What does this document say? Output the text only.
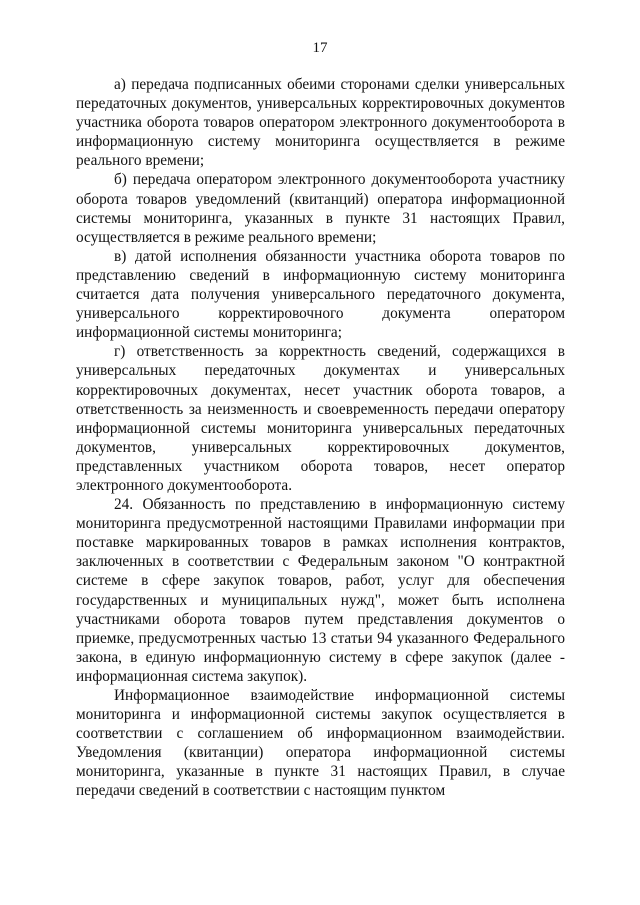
17

а) передача подписанных обеими сторонами сделки универсальных передаточных документов, универсальных корректировочных документов участника оборота товаров оператором электронного документооборота в информационную систему мониторинга осуществляется в режиме реального времени;

б) передача оператором электронного документооборота участнику оборота товаров уведомлений (квитанций) оператора информационной системы мониторинга, указанных в пункте 31 настоящих Правил, осуществляется в режиме реального времени;

в) датой исполнения обязанности участника оборота товаров по представлению сведений в информационную систему мониторинга считается дата получения универсального передаточного документа, универсального корректировочного документа оператором информационной системы мониторинга;

г) ответственность за корректность сведений, содержащихся в универсальных передаточных документах и универсальных корректировочных документах, несет участник оборота товаров, а ответственность за неизменность и своевременность передачи оператору информационной системы мониторинга универсальных передаточных документов, универсальных корректировочных документов, представленных участником оборота товаров, несет оператор электронного документооборота.

24. Обязанность по представлению в информационную систему мониторинга предусмотренной настоящими Правилами информации при поставке маркированных товаров в рамках исполнения контрактов, заключенных в соответствии с Федеральным законом "О контрактной системе в сфере закупок товаров, работ, услуг для обеспечения государственных и муниципальных нужд", может быть исполнена участниками оборота товаров путем представления документов о приемке, предусмотренных частью 13 статьи 94 указанного Федерального закона, в единую информационную систему в сфере закупок (далее - информационная система закупок).

Информационное взаимодействие информационной системы мониторинга и информационной системы закупок осуществляется в соответствии с соглашением об информационном взаимодействии. Уведомления (квитанции) оператора информационной системы мониторинга, указанные в пункте 31 настоящих Правил, в случае передачи сведений в соответствии с настоящим пунктом
